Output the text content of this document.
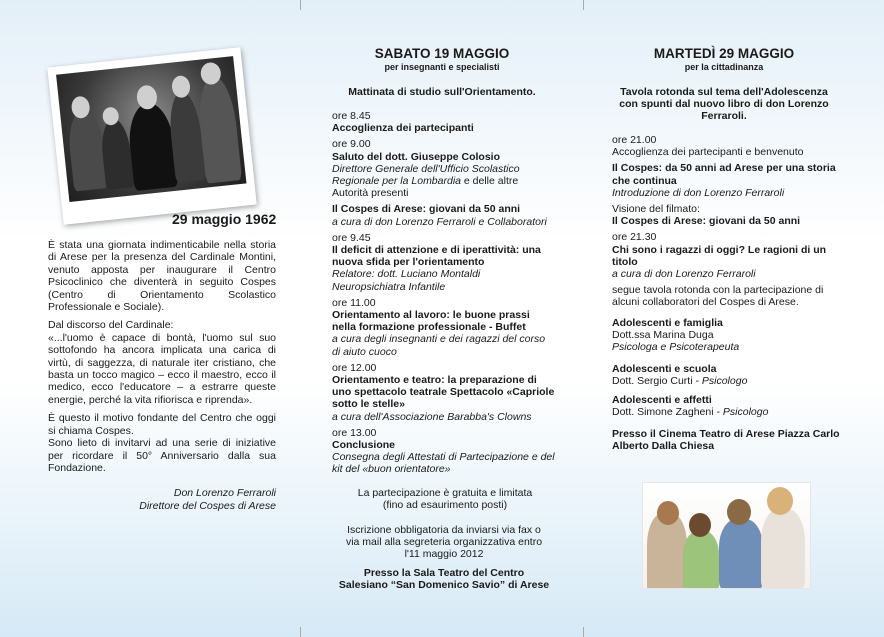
29 maggio 1962

È stata una giornata indimenticabile nella storia di Arese per la presenza del Cardinale Montini, venuto apposta per inaugurare il Centro Psicoclinico che diventerà in seguito Cospes (Centro di Orientamento Scolastico Professionale e Sociale).

Dal discorso del Cardinale:

«...l'uomo è capace di bontà, l'uomo sul suo sottofondo ha ancora implicata una carica di virtù, di saggezza, di naturale iter cristiano, che basta un tocco magico – ecco il maestro, ecco il medico, ecco l'educatore – a estrarre queste energie, perché la vita rifiorisca e riprenda».

È questo il motivo fondante del Centro che oggi si chiama Cospes.

Sono lieto di invitarvi ad una serie di iniziative per ricordare il 50° Anniversario dalla sua Fondazione.

Don Lorenzo Ferraroli
Direttore del Cospes di Arese
SABATO 19 MAGGIO
per insegnanti e specialisti
Mattinata di studio sull'Orientamento.
ore 8.45
Accoglienza dei partecipanti
ore 9.00
Saluto del dott. Giuseppe Colosio
Direttore Generale dell'Ufficio Scolastico Regionale per la Lombardia e delle altre Autorità presenti
Il Cospes di Arese: giovani da 50 anni
a cura di don Lorenzo Ferraroli e Collaboratori
ore 9.45
Il deficit di attenzione e di iperattività: una nuova sfida per l'orientamento
Relatore: dott. Luciano Montaldi Neuropsichiatra Infantile
ore 11.00
Orientamento al lavoro: le buone prassi nella formazione professionale - Buffet
a cura degli insegnanti e dei ragazzi del corso di aiuto cuoco
ore 12.00
Orientamento e teatro: la preparazione di uno spettacolo teatrale Spettacolo «Capriole sotto le stelle»
a cura dell'Associazione Barabba's Clowns
ore 13.00
Conclusione
Consegna degli Attestati di Partecipazione e del kit del «buon orientatore»
La partecipazione è gratuita e limitata (fino ad esaurimento posti)
Iscrizione obbligatoria da inviarsi via fax o via mail alla segreteria organizzativa entro l'11 maggio 2012
Presso la Sala Teatro del Centro Salesiano “San Domenico Savio” di Arese
MARTEDÌ 29 MAGGIO
per la cittadinanza
Tavola rotonda sul tema dell'Adolescenza con spunti dal nuovo libro di don Lorenzo Ferraroli.
ore 21.00
Accoglienza dei partecipanti e benvenuto
Il Cospes: da 50 anni ad Arese per una storia che continua
Introduzione di don Lorenzo Ferraroli
Visione del filmato:
Il Cospes di Arese: giovani da 50 anni
ore 21.30
Chi sono i ragazzi di oggi? Le ragioni di un titolo
a cura di don Lorenzo Ferraroli
segue tavola rotonda con la partecipazione di alcuni collaboratori del Cospes di Arese.
Adolescenti e famiglia
Dott.ssa Marina Duga
Psicologa e Psicoterapeuta
Adolescenti e scuola
Dott. Sergio Curti - Psicologo
Adolescenti e affetti
Dott. Simone Zagheni - Psicologo
Presso il Cinema Teatro di Arese Piazza Carlo Alberto Dalla Chiesa
